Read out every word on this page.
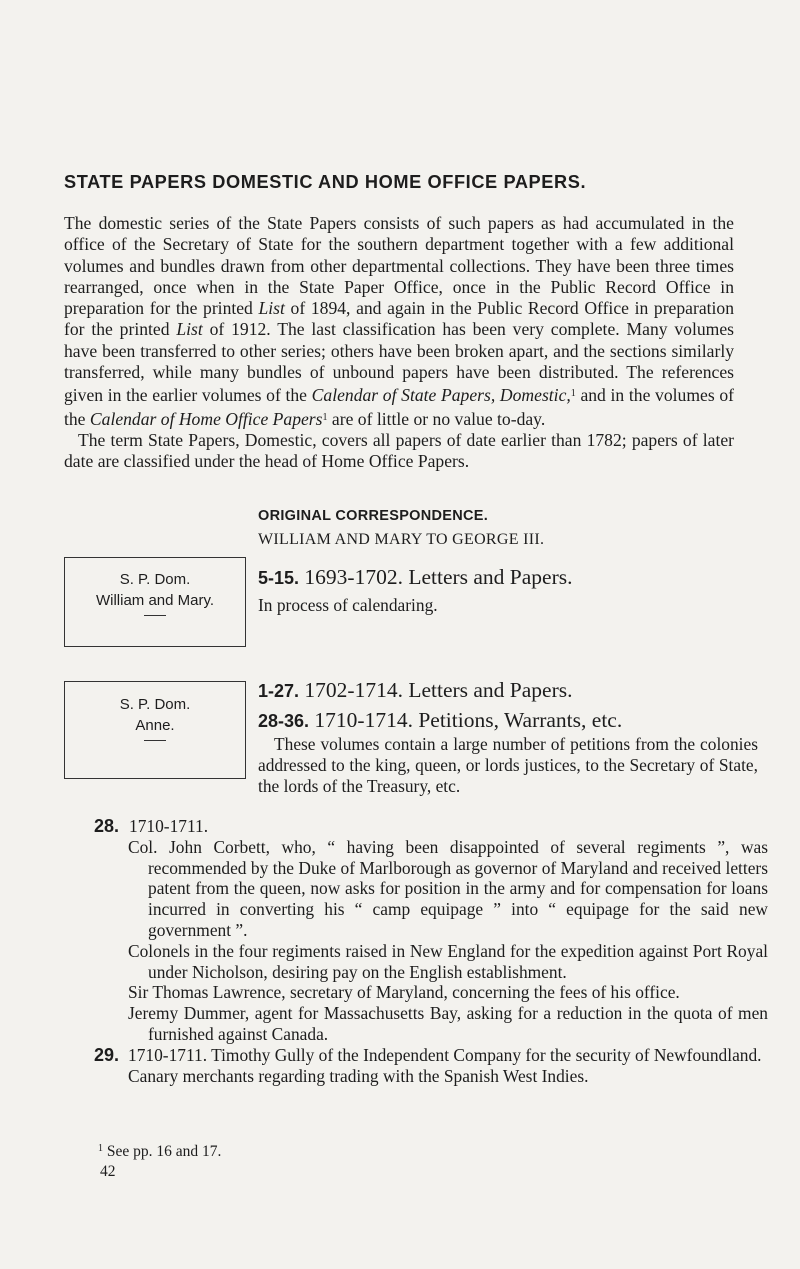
STATE PAPERS DOMESTIC AND HOME OFFICE PAPERS.

The domestic series of the State Papers consists of such papers as had accumulated in the office of the Secretary of State for the southern department together with a few additional volumes and bundles drawn from other departmental collections. They have been three times rearranged, once when in the State Paper Office, once in the Public Record Office in preparation for the printed List of 1894, and again in the Public Record Office in preparation for the printed List of 1912. The last classification has been very complete. Many volumes have been transferred to other series; others have been broken apart, and the sections similarly transferred, while many bundles of unbound papers have been distributed. The references given in the earlier volumes of the Calendar of State Papers, Domestic,$^1$ and in the volumes of the Calendar of Home Office Papers$^1$ are of little or no value to-day.

The term State Papers, Domestic, covers all papers of date earlier than 1782; papers of later date are classified under the head of Home Office Papers.

ORIGINAL CORRESPONDENCE.
WILLIAM AND MARY TO GEORGE III.
S. P. Dom.
William and Mary.
S. P. Dom.
Anne.
5-15. 1693-1702. Letters and Papers.
In process of calendaring.
1-27. 1702-1714. Letters and Papers.
28-36. 1710-1714. Petitions, Warrants, etc.
These volumes contain a large number of petitions from the colonies addressed to the king, queen, or lords justices, to the Secretary of State, the lords of the Treasury, etc.
28. 1710-1711.

Col. John Corbett, who, “ having been disappointed of several regiments ”, was recommended by the Duke of Marlborough as governor of Maryland and received letters patent from the queen, now asks for position in the army and for compensation for loans incurred in converting his “ camp equipage ” into “ equipage for the said new government ”.

Colonels in the four regiments raised in New England for the expedition against Port Royal under Nicholson, desiring pay on the English establishment.

Sir Thomas Lawrence, secretary of Maryland, concerning the fees of his office.

Jeremy Dummer, agent for Massachusetts Bay, asking for a reduction in the quota of men furnished against Canada.

29. 1710-1711. Timothy Gully of the Independent Company for the security of Newfoundland.

Canary merchants regarding trading with the Spanish West Indies.

$^1$ See pp. 16 and 17.
42
